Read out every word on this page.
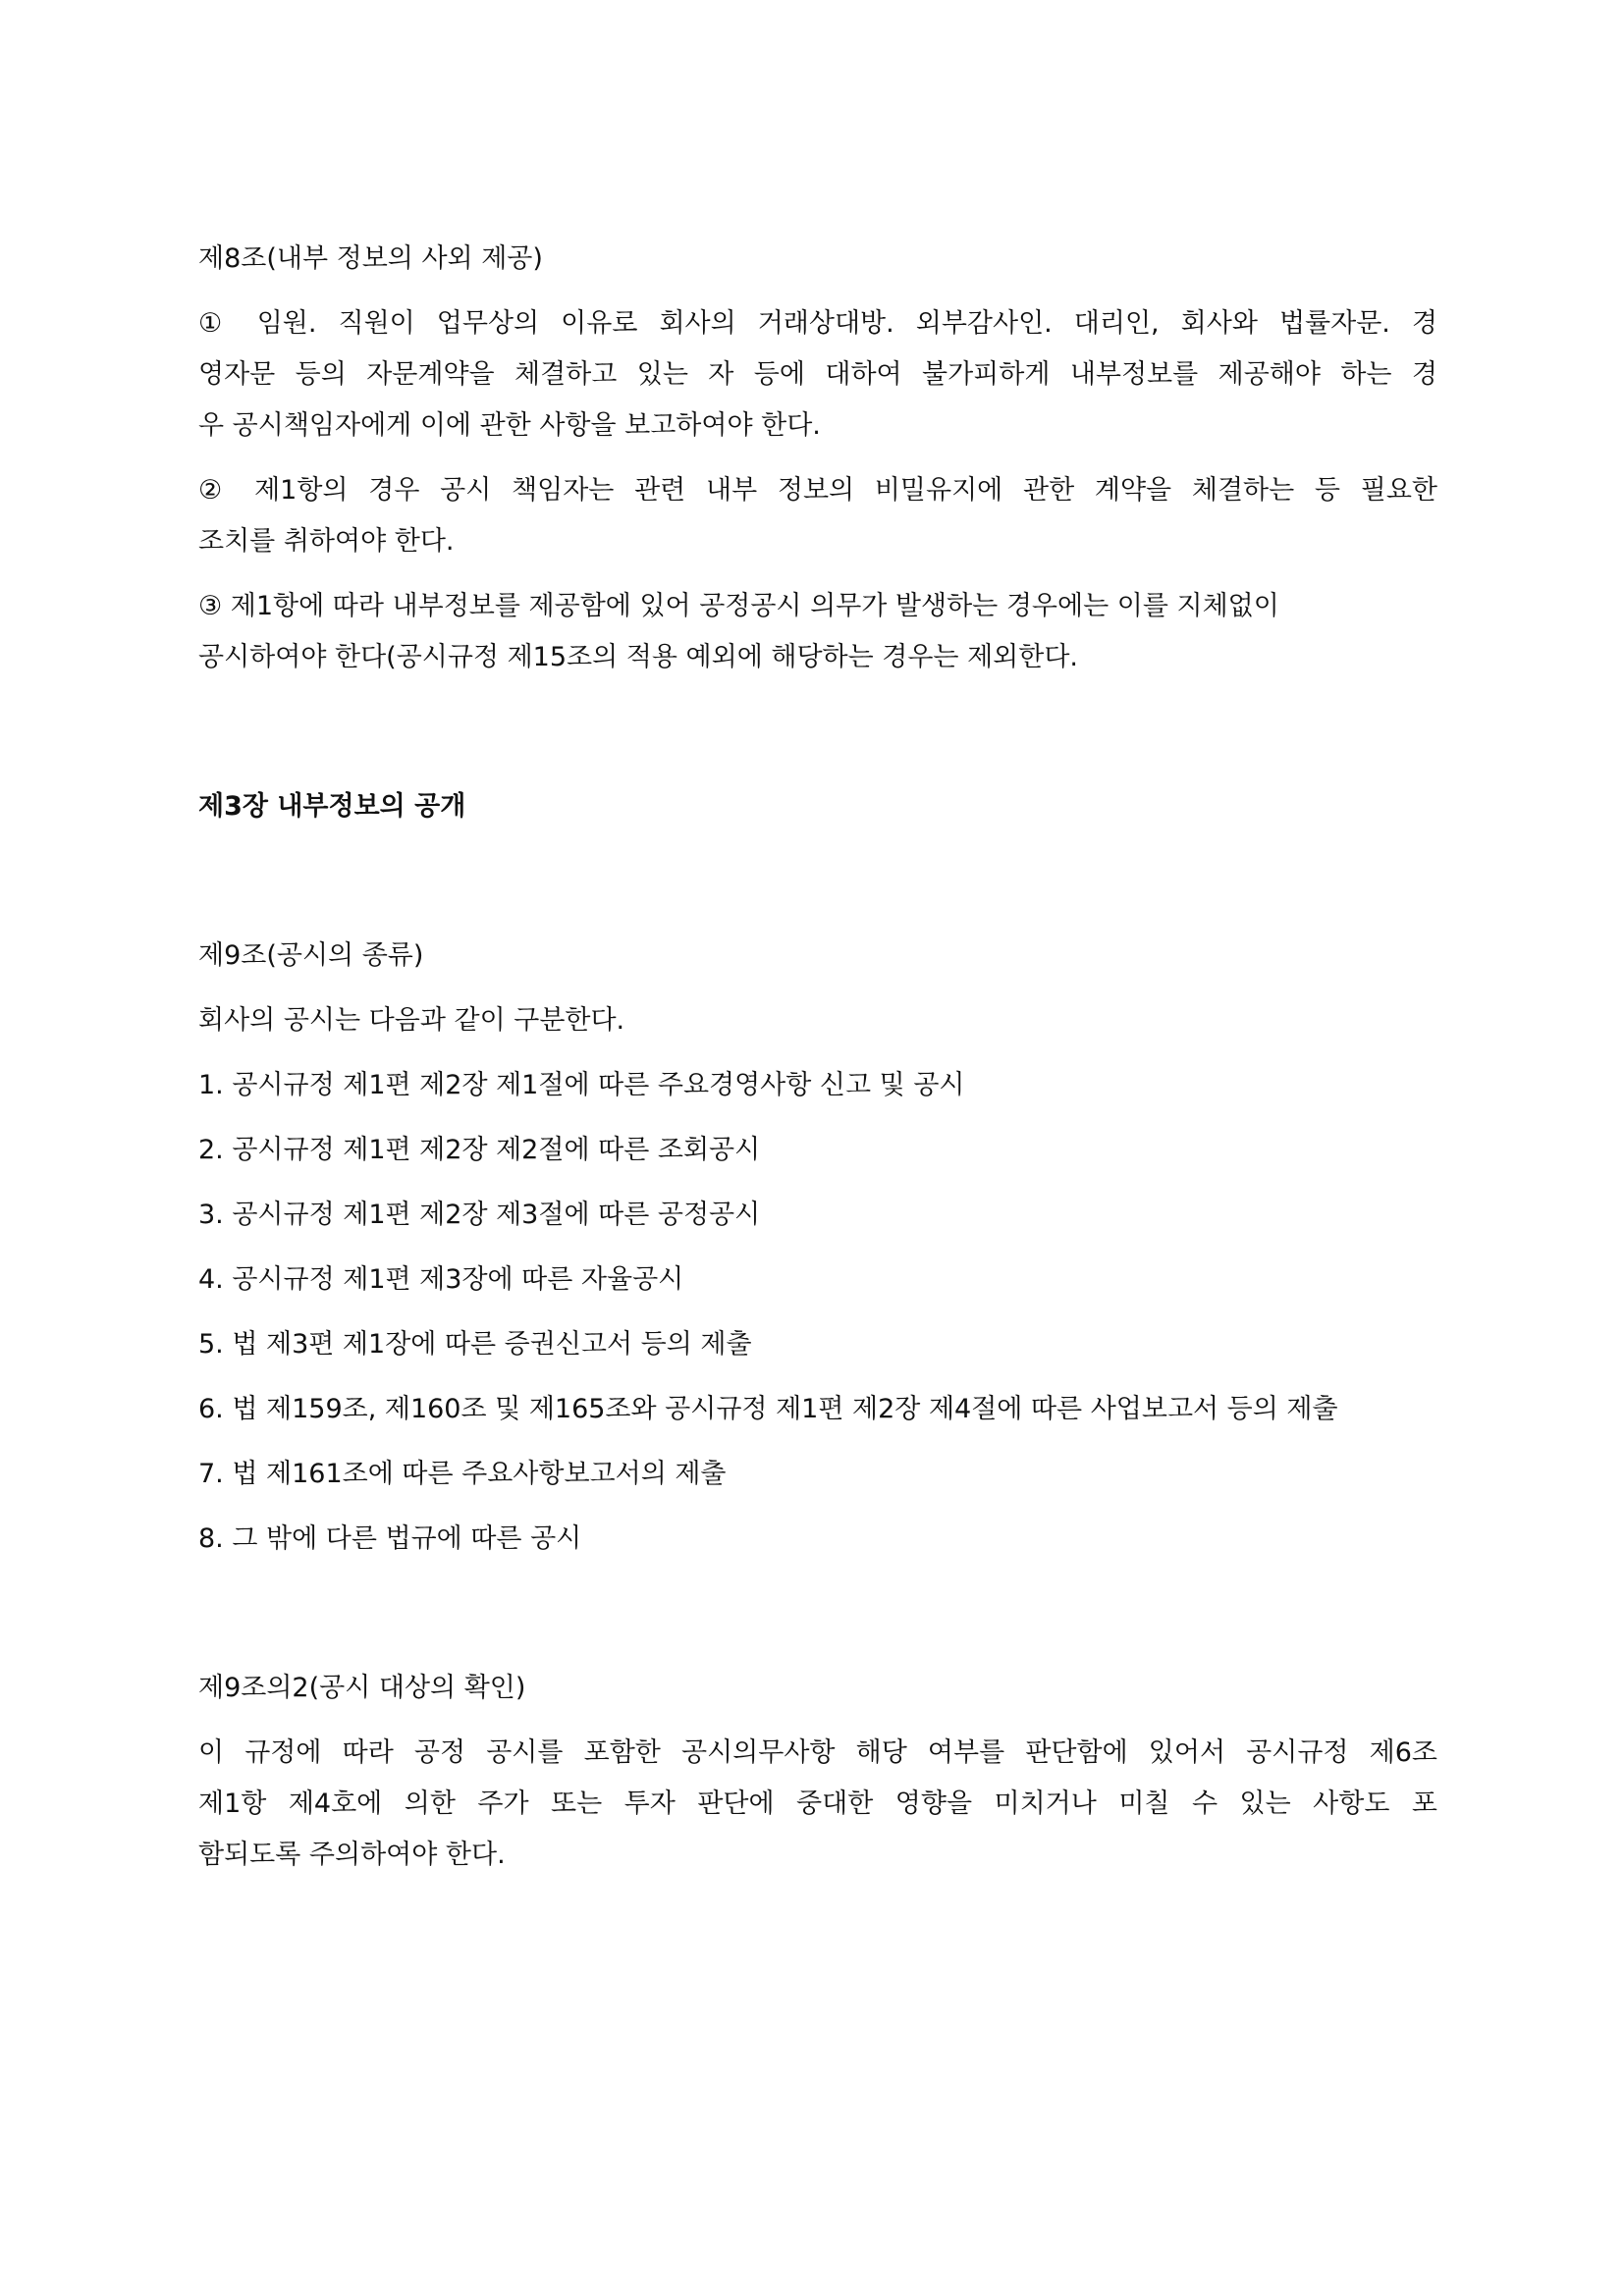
제8조(내부 정보의 사외 제공)

① 임원. 직원이 업무상의 이유로 회사의 거래상대방. 외부감사인. 대리인, 회사와 법률자문. 경

영자문 등의 자문계약을 체결하고 있는 자 등에 대하여 불가피하게 내부정보를 제공해야 하는 경

우 공시책임자에게 이에 관한 사항을 보고하여야 한다.

② 제1항의 경우 공시 책임자는 관련 내부 정보의 비밀유지에 관한 계약을 체결하는 등 필요한

조치를 취하여야 한다.

③ 제1항에 따라 내부정보를 제공함에 있어 공정공시 의무가 발생하는 경우에는 이를 지체없이

공시하여야 한다(공시규정 제15조의 적용 예외에 해당하는 경우는 제외한다.

제3장 내부정보의 공개

제9조(공시의 종류)

회사의 공시는 다음과 같이 구분한다.

1. 공시규정 제1편 제2장 제1절에 따른 주요경영사항 신고 및 공시

2. 공시규정 제1편 제2장 제2절에 따른 조회공시

3. 공시규정 제1편 제2장 제3절에 따른 공정공시

4. 공시규정 제1편 제3장에 따른 자율공시

5. 법 제3편 제1장에 따른 증권신고서 등의 제출

6. 법 제159조, 제160조 및 제165조와 공시규정 제1편 제2장 제4절에 따른 사업보고서 등의 제출

7. 법 제161조에 따른 주요사항보고서의 제출

8. 그 밖에 다른 법규에 따른 공시

제9조의2(공시 대상의 확인)

이 규정에 따라 공정 공시를 포함한 공시의무사항 해당 여부를 판단함에 있어서 공시규정 제6조

제1항 제4호에 의한 주가 또는 투자 판단에 중대한 영향을 미치거나 미칠 수 있는 사항도 포

함되도록 주의하여야 한다.
